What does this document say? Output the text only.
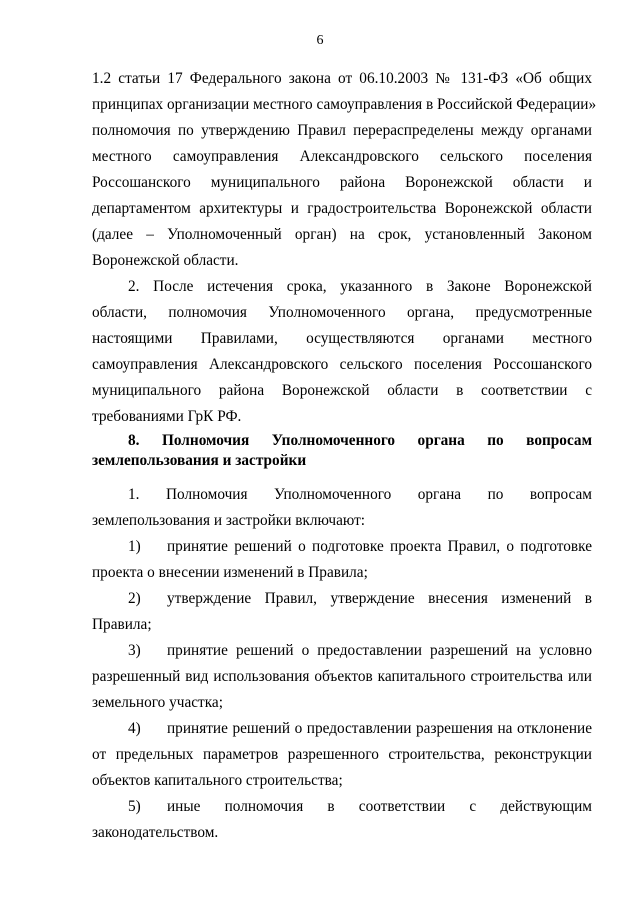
6
1.2 статьи 17 Федерального закона от 06.10.2003 № 131-ФЗ «Об общих
принципах организации местного самоуправления в Российской Федерации»
полномочия по утверждению Правил перераспределены между органами
местного самоуправления Александровского сельского поселения
Россошанского муниципального района Воронежской области и
департаментом архитектуры и градостроительства Воронежской области
(далее – Уполномоченный орган) на срок, установленный Законом
Воронежской области.
2. После истечения срока, указанного в Законе Воронежской
области, полномочия Уполномоченного органа, предусмотренные
настоящими Правилами, осуществляются органами местного
самоуправления Александровского сельского поселения Россошанского
муниципального района Воронежской области в соответствии с
требованиями ГрК РФ.
8. Полномочия Уполномоченного органа по вопросам
землепользования и застройки
1. Полномочия Уполномоченного органа по вопросам
землепользования и застройки включают:
1)	принятие решений о подготовке проекта Правил, о подготовке
проекта о внесении изменений в Правила;
2)	утверждение Правил, утверждение внесения изменений в
Правила;
3)	принятие решений о предоставлении разрешений на условно
разрешенный вид использования объектов капитального строительства или
земельного участка;
4)	принятие решений о предоставлении разрешения на отклонение
от предельных параметров разрешенного строительства, реконструкции
объектов капитального строительства;
5)	иные полномочия в соответствии с действующим
законодательством.
